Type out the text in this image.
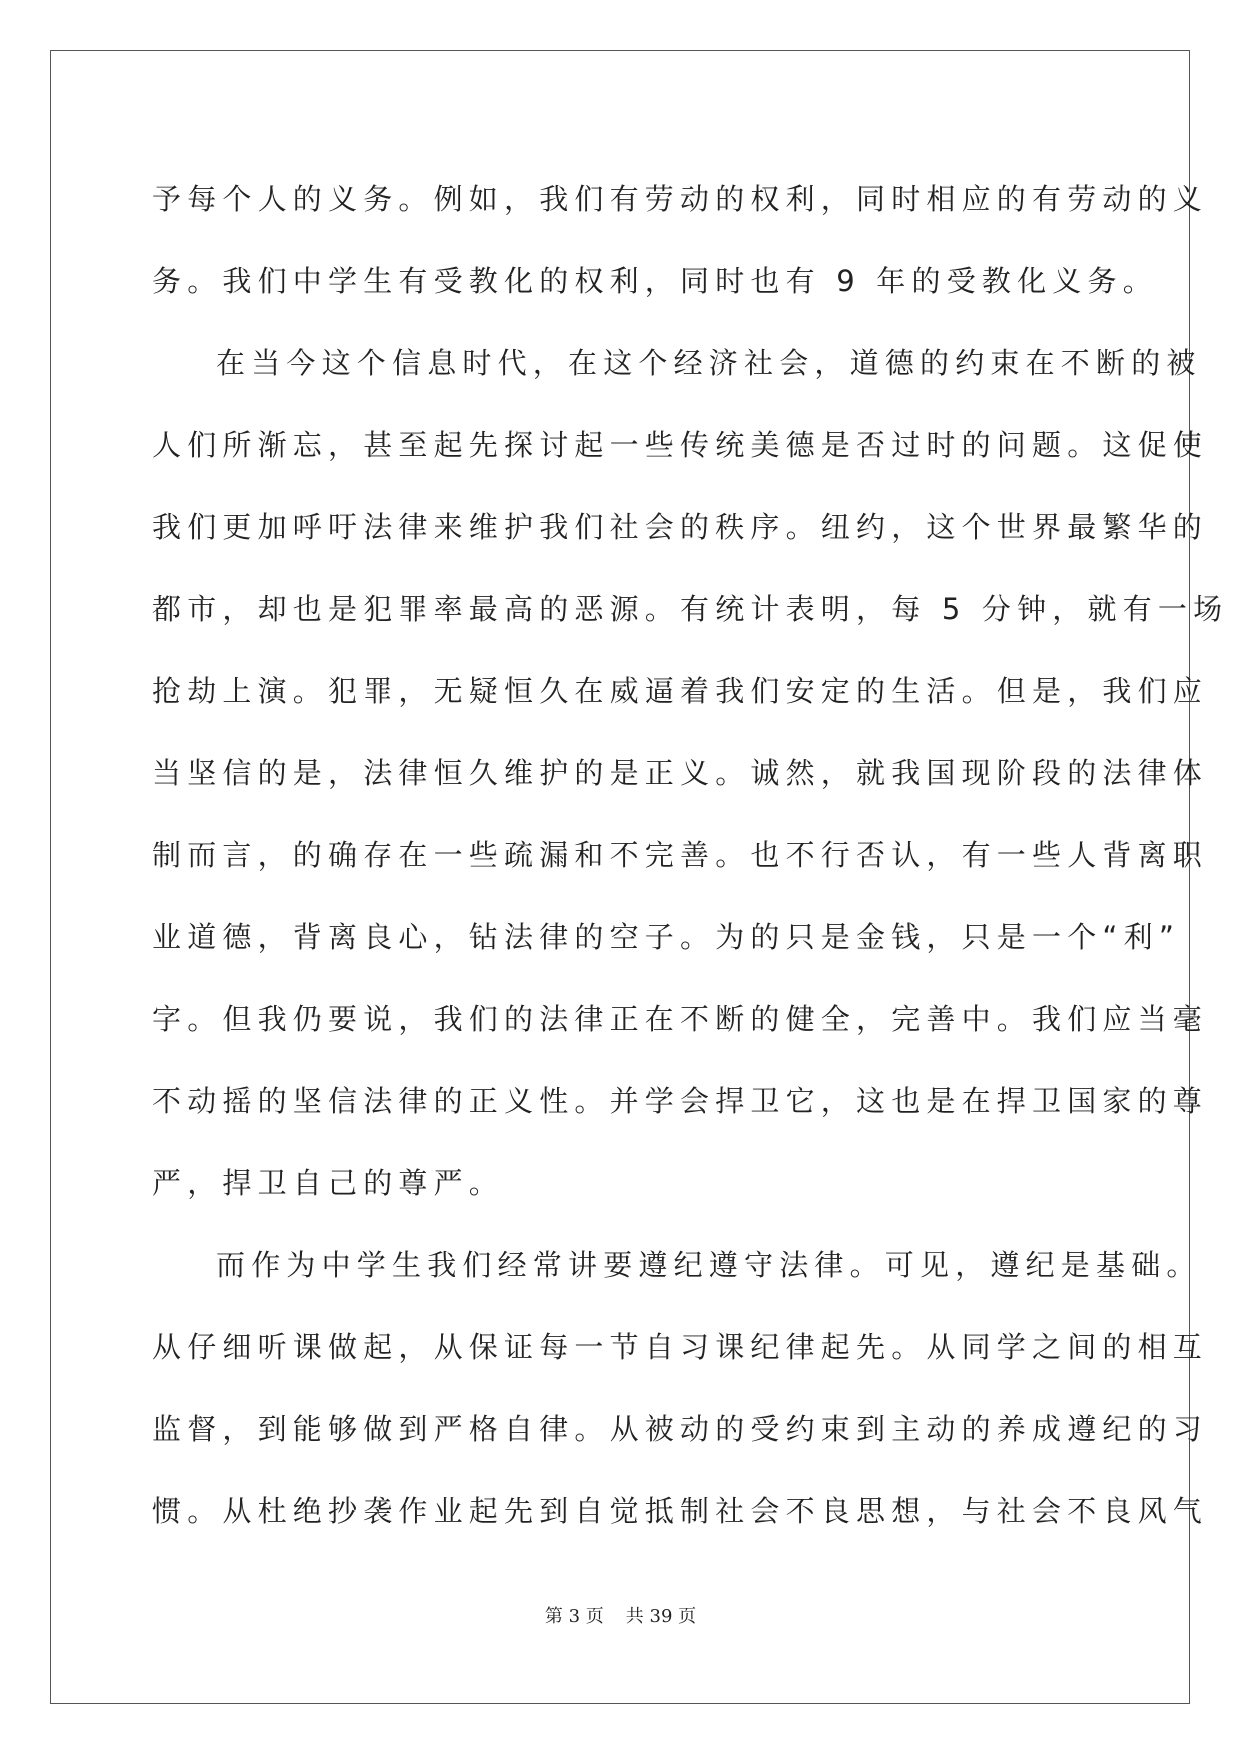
予每个人的义务。例如，我们有劳动的权利，同时相应的有劳动的义
务。我们中学生有受教化的权利，同时也有 9 年的受教化义务。
在当今这个信息时代，在这个经济社会，道德的约束在不断的被
人们所渐忘，甚至起先探讨起一些传统美德是否过时的问题。这促使
我们更加呼吁法律来维护我们社会的秩序。纽约，这个世界最繁华的
都市，却也是犯罪率最高的恶源。有统计表明，每 5 分钟，就有一场
抢劫上演。犯罪，无疑恒久在威逼着我们安定的生活。但是，我们应
当坚信的是，法律恒久维护的是正义。诚然，就我国现阶段的法律体
制而言，的确存在一些疏漏和不完善。也不行否认，有一些人背离职
业道德，背离良心，钻法律的空子。为的只是金钱，只是一个“利”
字。但我仍要说，我们的法律正在不断的健全，完善中。我们应当毫
不动摇的坚信法律的正义性。并学会捍卫它，这也是在捍卫国家的尊
严，捍卫自己的尊严。
而作为中学生我们经常讲要遵纪遵守法律。可见，遵纪是基础。
从仔细听课做起，从保证每一节自习课纪律起先。从同学之间的相互
监督，到能够做到严格自律。从被动的受约束到主动的养成遵纪的习
惯。从杜绝抄袭作业起先到自觉抵制社会不良思想，与社会不良风气
第 3 页 共 39 页
